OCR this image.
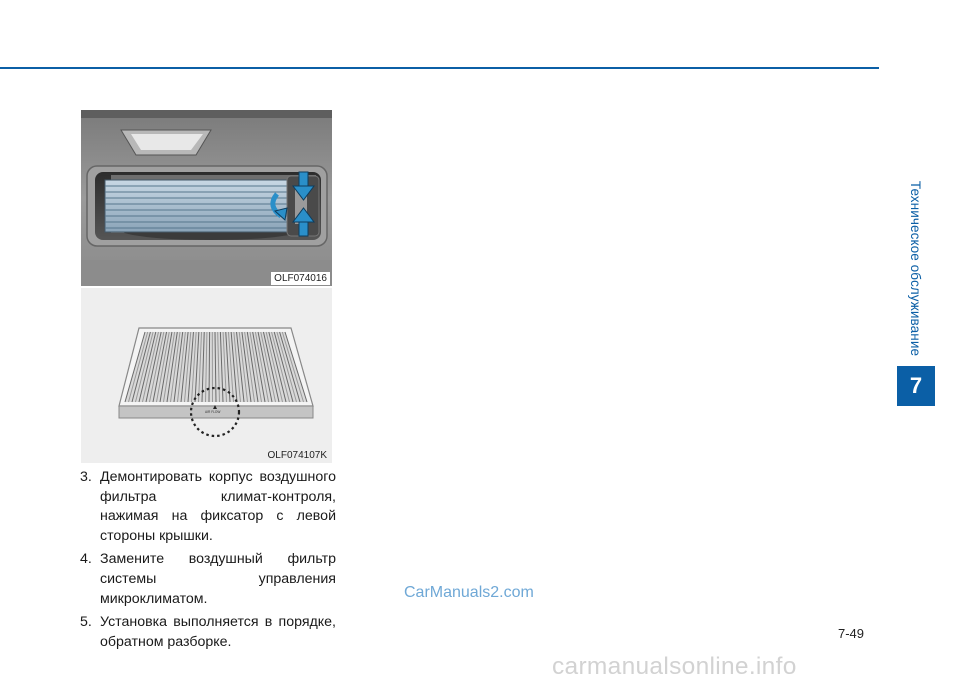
Техническое обслуживание
7
OLF074016
AIR FLOW
OLF074107K
3. Демонтировать корпус воздушного фильтра климат-контроля, нажимая на фиксатор с левой стороны крышки.
4. Замените воздушный фильтр системы управления микроклиматом.
5. Установка выполняется в порядке, обратном разборке.
CarManuals2.com
7-49
carmanualsonline.info
